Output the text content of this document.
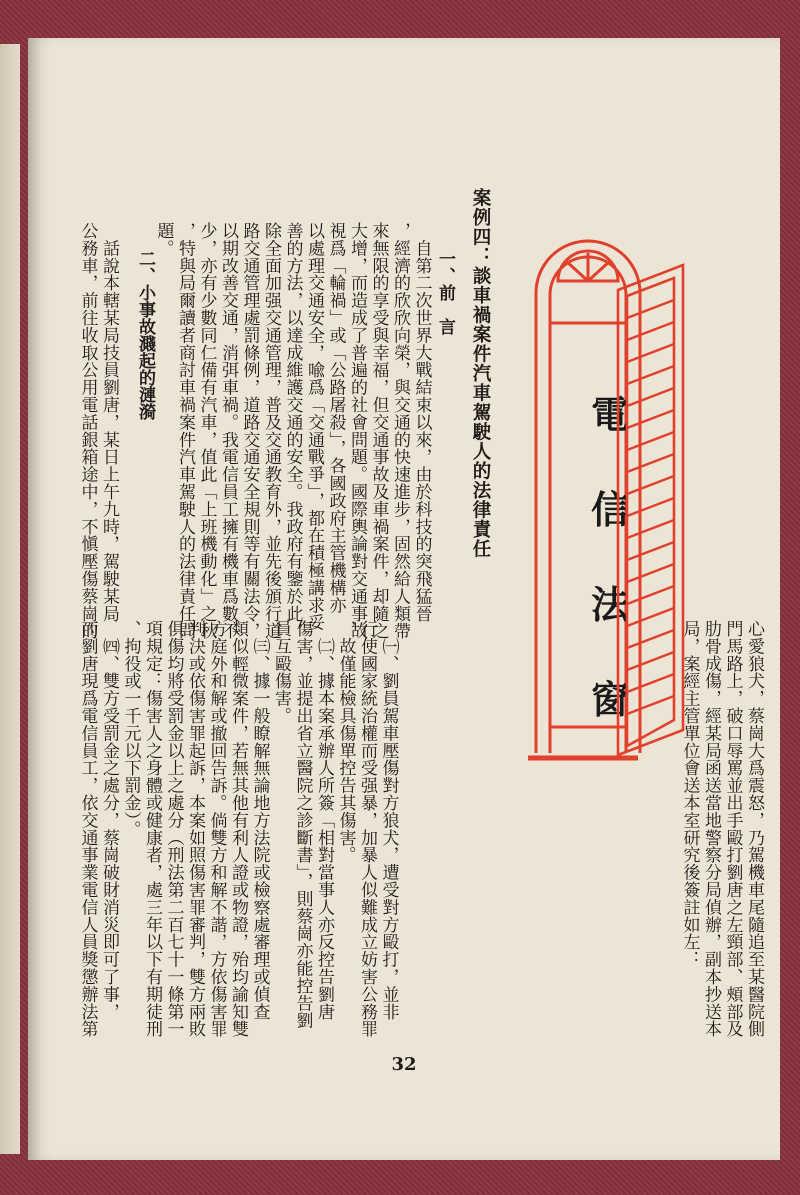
電
信
法
窗
案例四：談車禍案件汽車駕駛人的法律責任
一、前　言
　自第二次世界大戰結束以來，由於科技的突飛猛晉
，經濟的欣欣向榮，與交通的快速進步，固然給人類帶
來無限的享受與幸福，但交通事故及車禍案件，却隨之
大增，而造成了普遍的社會問題。國際輿論對交通事故
視爲「輪禍」或「公路屠殺」，各國政府主管機構亦
以處理交通安全，喩爲「交通戰爭」，都在積極講求妥
善的方法，以達成維護交通的安全。我政府有鑒於此，
除全面加强交通管理，普及交通教育外，並先後頒行道
路交通管理處罰條例，道路交通安全規則等有關法令，
以期改善交通，消弭車禍。我電信員工擁有機車爲數不
少，亦有少數同仁備有汽車，值此「上班機動化」之秋
，特與局爾讀者商討車禍案件汽車駕駛人的法律責任問
題。
二、小事故濺起的漣漪
　話說本轄某局技員劉唐，某日上午九時，駕駛某局
公務車，前往收取公用電話銀箱途中，不愼壓傷蔡崗的
心愛狼犬，蔡崗大爲震怒，乃駕機車尾隨追至某醫院側
門馬路上，破口辱罵並出手毆打劉唐之左頸部、頰部及
肋骨成傷，經某局函送當地警察分局偵辦，副本抄送本
局，案經主管單位會送本室研究後簽註如左：
　㈠、劉員駕車壓傷對方狼犬，遭受對方毆打，並非
行使國家統治權而受强暴，加暴人似難成立妨害公務罪
，故僅能檢具傷單控告其傷害。
　㈡、據本案承辦人所簽「相對當事人亦反控告劉唐
傷害，並提出省立醫院之診斷書」，則蔡崗亦能控告劉
員互毆傷害。
　㈢、據一般瞭解無論地方法院或檢察處審理或偵查
類似輕微案件，若無其他有利人證或物證，殆均諭知雙
方庭外和解或撤回告訴。倘雙方和解不諧，方依傷害罪
判決或依傷害罪起訴，本案如照傷害罪審判，雙方兩敗
俱傷均將受罰金以上之處分（刑法第二百七十一條第一
項規定：傷害人之身體或健康者，處三年以下有期徒刑
、拘役或一千元以下罰金）。
　㈣、雙方受罰金之處分，蔡崗破財消災即可了事，
而劉唐現爲電信員工，依交通事業電信人員獎懲辦法第
32
